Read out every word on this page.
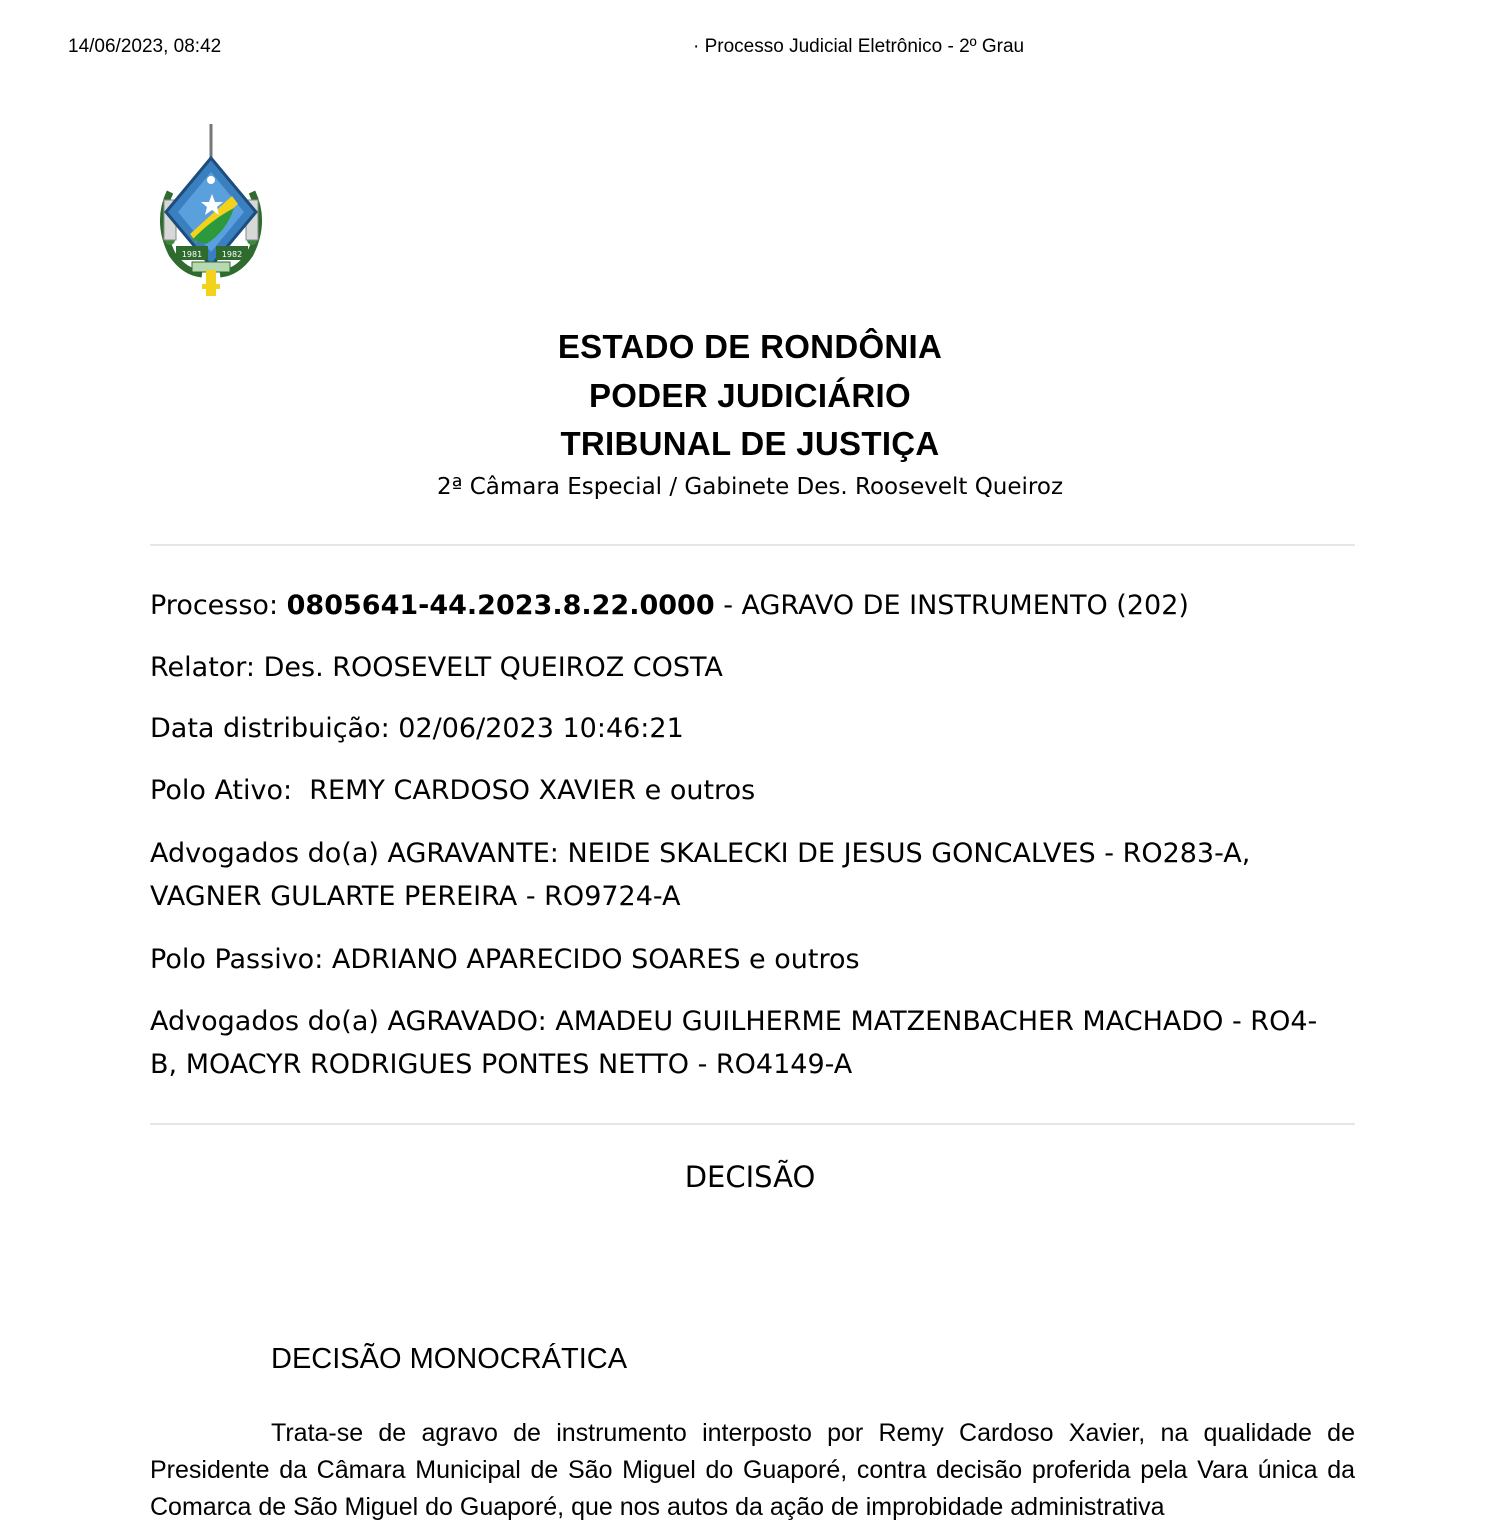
14/06/2023, 08:42	· Processo Judicial Eletrônico - 2º Grau
1981 1982
ESTADO DE RONDÔNIA
PODER JUDICIÁRIO
TRIBUNAL DE JUSTIÇA
2ª Câmara Especial / Gabinete Des. Roosevelt Queiroz
Processo: 0805641-44.2023.8.22.0000 - AGRAVO DE INSTRUMENTO (202)
Relator: Des. ROOSEVELT QUEIROZ COSTA
Data distribuição: 02/06/2023 10:46:21
Polo Ativo:  REMY CARDOSO XAVIER e outros
Advogados do(a) AGRAVANTE: NEIDE SKALECKI DE JESUS GONCALVES - RO283-A, VAGNER GULARTE PEREIRA - RO9724-A
Polo Passivo: ADRIANO APARECIDO SOARES e outros
Advogados do(a) AGRAVADO: AMADEU GUILHERME MATZENBACHER MACHADO - RO4-B, MOACYR RODRIGUES PONTES NETTO - RO4149-A
DECISÃO
DECISÃO MONOCRÁTICA
Trata-se de agravo de instrumento interposto por Remy Cardoso Xavier, na qualidade de Presidente da Câmara Municipal de São Miguel do Guaporé, contra decisão proferida pela Vara única da Comarca de São Miguel do Guaporé, que nos autos da ação de improbidade administrativa
